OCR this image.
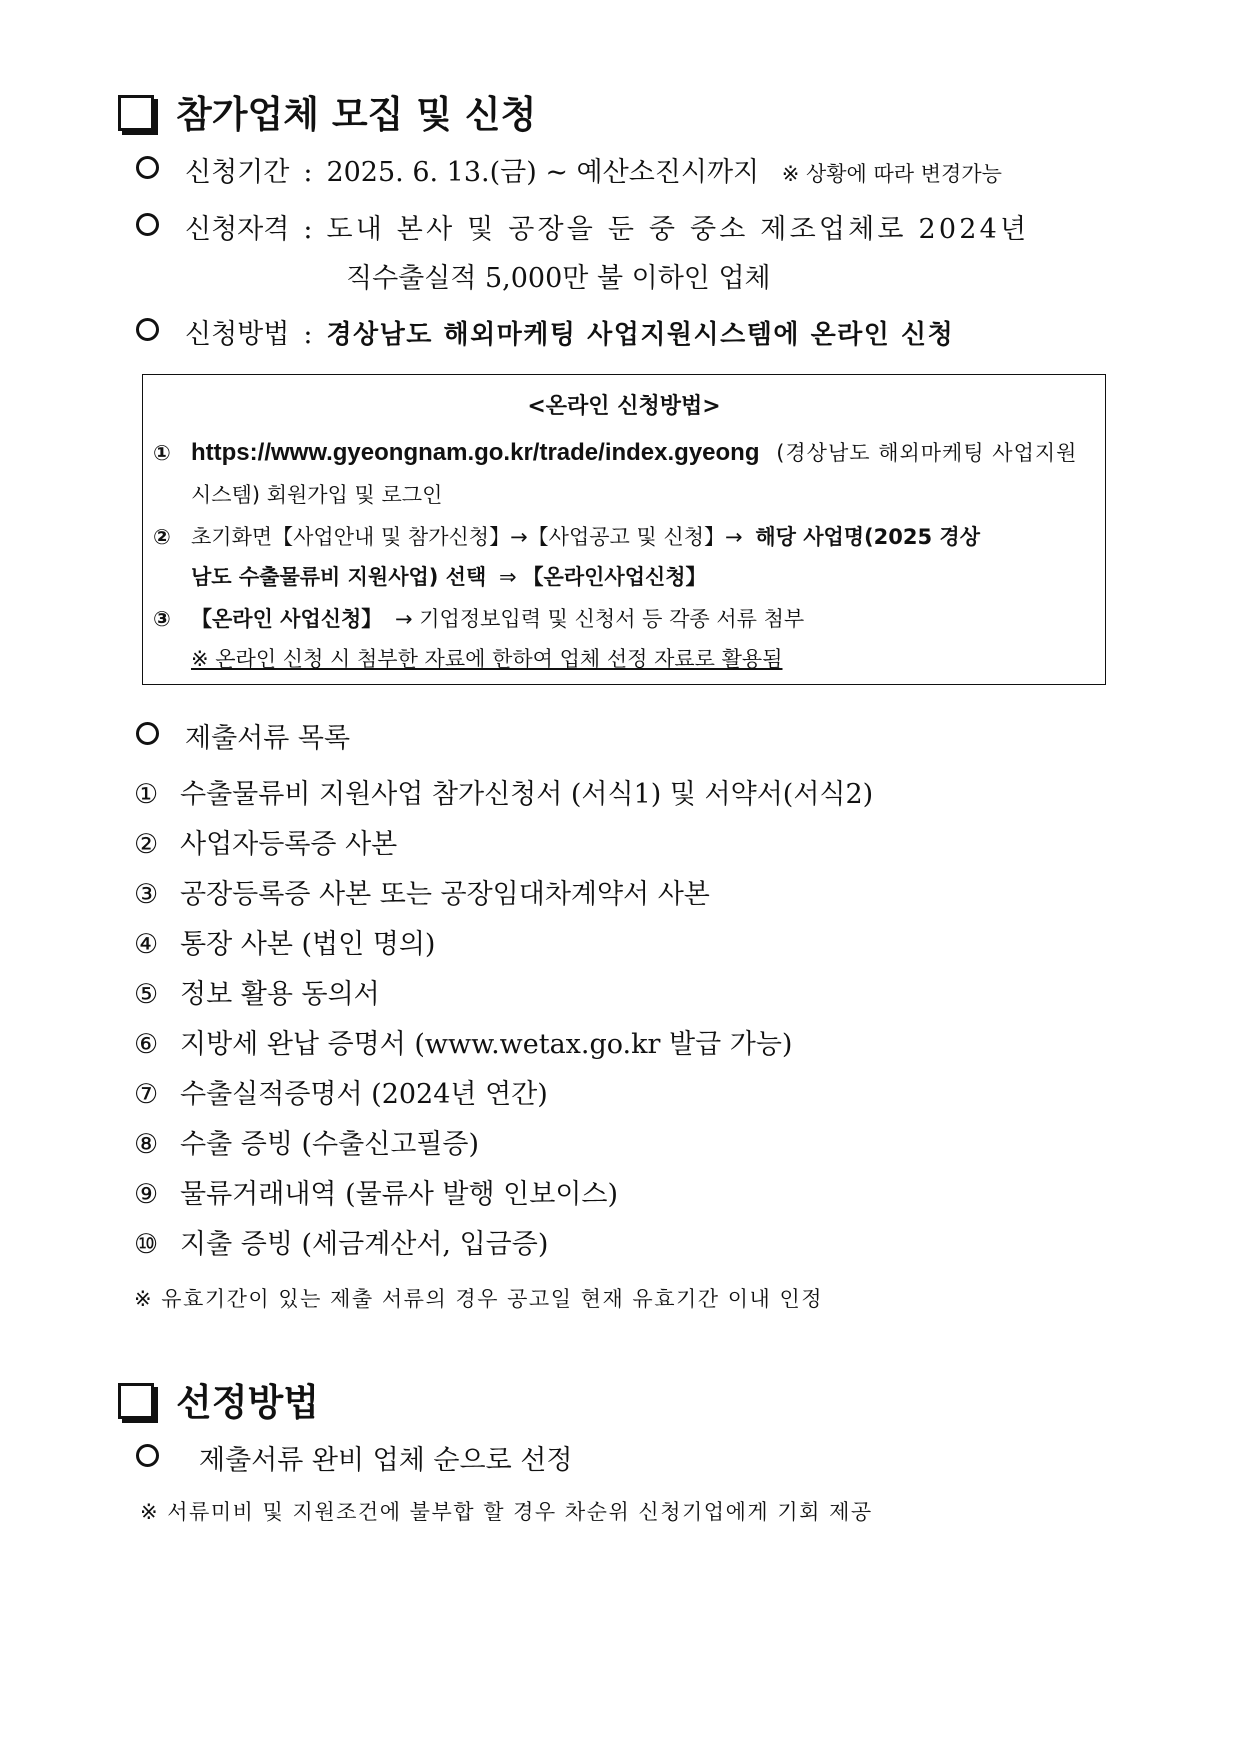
참가업체 모집 및 신청
신청기간 : 2025. 6. 13.(금) ~ 예산소진시까지 ※ 상황에 따라 변경가능
신청자격 : 도내 본사 및 공장을 둔 중 중소 제조업체로 2024년
직수출실적 5,000만 불 이하인 업체
신청방법 : 경상남도 해외마케팅 사업지원시스템에 온라인 신청
<온라인 신청방법>
① https://www.gyeongnam.go.kr/trade/index.gyeong (경상남도 해외마케팅 사업지원
시스템) 회원가입 및 로그인
② 초기화면【사업안내 및 참가신청】→【사업공고 및 신청】→ 해당 사업명(2025 경상
남도 수출물류비 지원사업) 선택 ⇒ 【온라인사업신청】
③ 【온라인 사업신청】 → 기업정보입력 및 신청서 등 각종 서류 첨부
※ 온라인 신청 시 첨부한 자료에 한하여 업체 선정 자료로 활용됨
제출서류 목록
① 수출물류비 지원사업 참가신청서 (서식1) 및 서약서(서식2)
② 사업자등록증 사본
③ 공장등록증 사본 또는 공장임대차계약서 사본
④ 통장 사본 (법인 명의)
⑤ 정보 활용 동의서
⑥ 지방세 완납 증명서 (www.wetax.go.kr 발급 가능)
⑦ 수출실적증명서 (2024년 연간)
⑧ 수출 증빙 (수출신고필증)
⑨ 물류거래내역 (물류사 발행 인보이스)
⑩ 지출 증빙 (세금계산서, 입금증)
※ 유효기간이 있는 제출 서류의 경우 공고일 현재 유효기간 이내 인정
선정방법
제출서류 완비 업체 순으로 선정
※ 서류미비 및 지원조건에 불부합 할 경우 차순위 신청기업에게 기회 제공
